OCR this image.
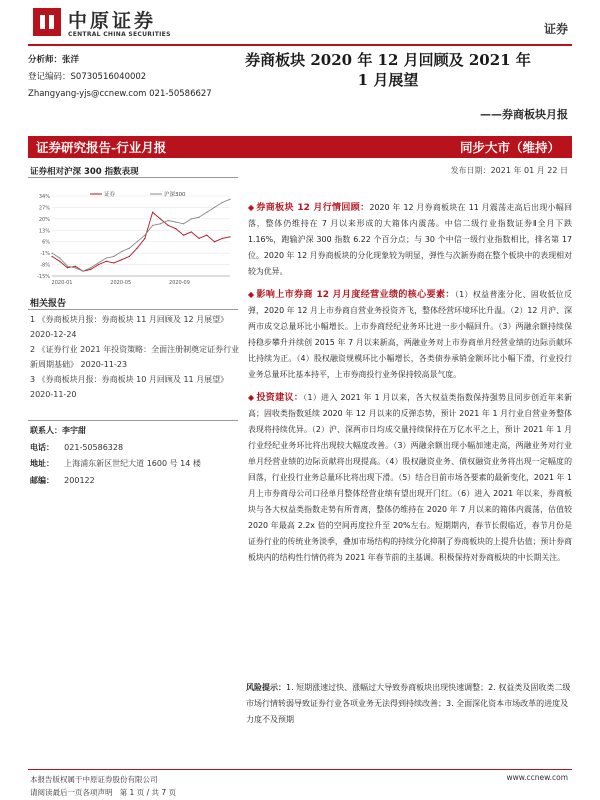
中原证券
CENTRAL CHINA SECURITIES	证券
分析师：张洋
登记编码：S0730516040002
Zhangyang-yjs@ccnew.com 021-50586627
券商板块 2020 年 12 月回顾及 2021 年
1 月展望
——券商板块月报
证券研究报告-行业月报	同步大市（维持）
证券相对沪深 300 指数表现	发布日期：2021 年 01 月 22 日
34%
27%
20%
13%
6%
-1%
-8%
-15%
2020-01	2020-05	2020-09
证券	沪深300
相关报告

1 《券商板块月报：券商板块 11 月回顾及 12 月展望》 2020-12-24

2 《证券行业 2021 年投资策略：全面注册制奠定证券行业新周期基础》 2020-11-23

3 《券商板块月报：券商板块 10 月回顾及 11 月展望》 2020-11-20

联系人：李宇甜
电话： 021-50586328
地址： 上海浦东新区世纪大道 1600 号 14 楼
邮编： 200122

◆ 券商板块 12 月行情回顾：2020 年 12 月券商板块在 11 月震荡走高后出现小幅回落，整体仍维持在 7 月以来形成的大箱体内震荡。中信二级行业指数证券Ⅱ全月下跌 1.16%，跑输沪深 300 指数 6.22 个百分点；与 30 个中信一级行业指数相比，排名第 17 位。2020 年 12 月券商板块的分化现象较为明显，弹性与次新券商在整个板块中的表现相对较为优异。

◆ 影响上市券商 12 月月度经营业绩的核心要素：（1）权益普涨分化、固收低位反弹，2020 年 12 月上市券商自营业务投资齐飞，整体经营环境环比升温。（2）12 月沪、深两市成交总量环比小幅增长。上市券商经纪业务环比进一步小幅回升。（3）两融余额持续保持稳步攀升并续创 2015 年 7 月以来新高，两融业务对上市券商单月经营业绩的边际贡献环比持续为正。（4）股权融资规模环比小幅增长，各类债券承销金额环比小幅下滑，行业投行业务总量环比基本持平，上市券商投行业务保持较高景气度。

◆ 投资建议：（1）进入 2021 年 1 月以来，各大权益类指数保持强势且同步创近年来新高；固收类指数延续 2020 年 12 月以来的反弹态势，预计 2021 年 1 月行业自营业务整体表现将持续优异。（2）沪、深两市日均成交量持续保持在万亿水平之上，预计 2021 年 1 月行业经纪业务环比将出现较大幅度改善。（3）两融余额出现小幅加速走高，两融业务对行业单月经营业绩的边际贡献将出现提高。（4）股权融资业务、债权融资业务将出现一定幅度的回落，行业投行业务总量环比将出现下滑。（5）结合目前市场各要素的最新变化，2021 年 1 月上市券商母公司口径单月整体经营业绩有望出现开门红。（6）进入 2021 年以来，券商板块与各大权益类指数走势有所背离，整体仍维持在 2020 年 7 月以来的箱体内震荡，估值较 2020 年最高 2.2x 倍的空间再度拉升至 20%左右。短期期内，春节长假临近，春节月份是证券行业的传统业务淡季，叠加市场结构的持续分化抑制了券商板块的上提升估值；预计券商板块内的结构性行情仍将为 2021 年春节前的主基调。积极保持对券商板块的中长期关注。

风险提示：1. 短期涨速过快、涨幅过大导致券商板块出现快速调整；2. 权益类及固收类二级市场行情转弱导致证券行业各项业务无法得到持续改善；3. 全面深化资本市场改革的进度及力度不及预期
本报告版权属于中原证券股份有限公司
请阅读最后一页各项声明 第 1 页 / 共 7 页
www.ccnew.com
